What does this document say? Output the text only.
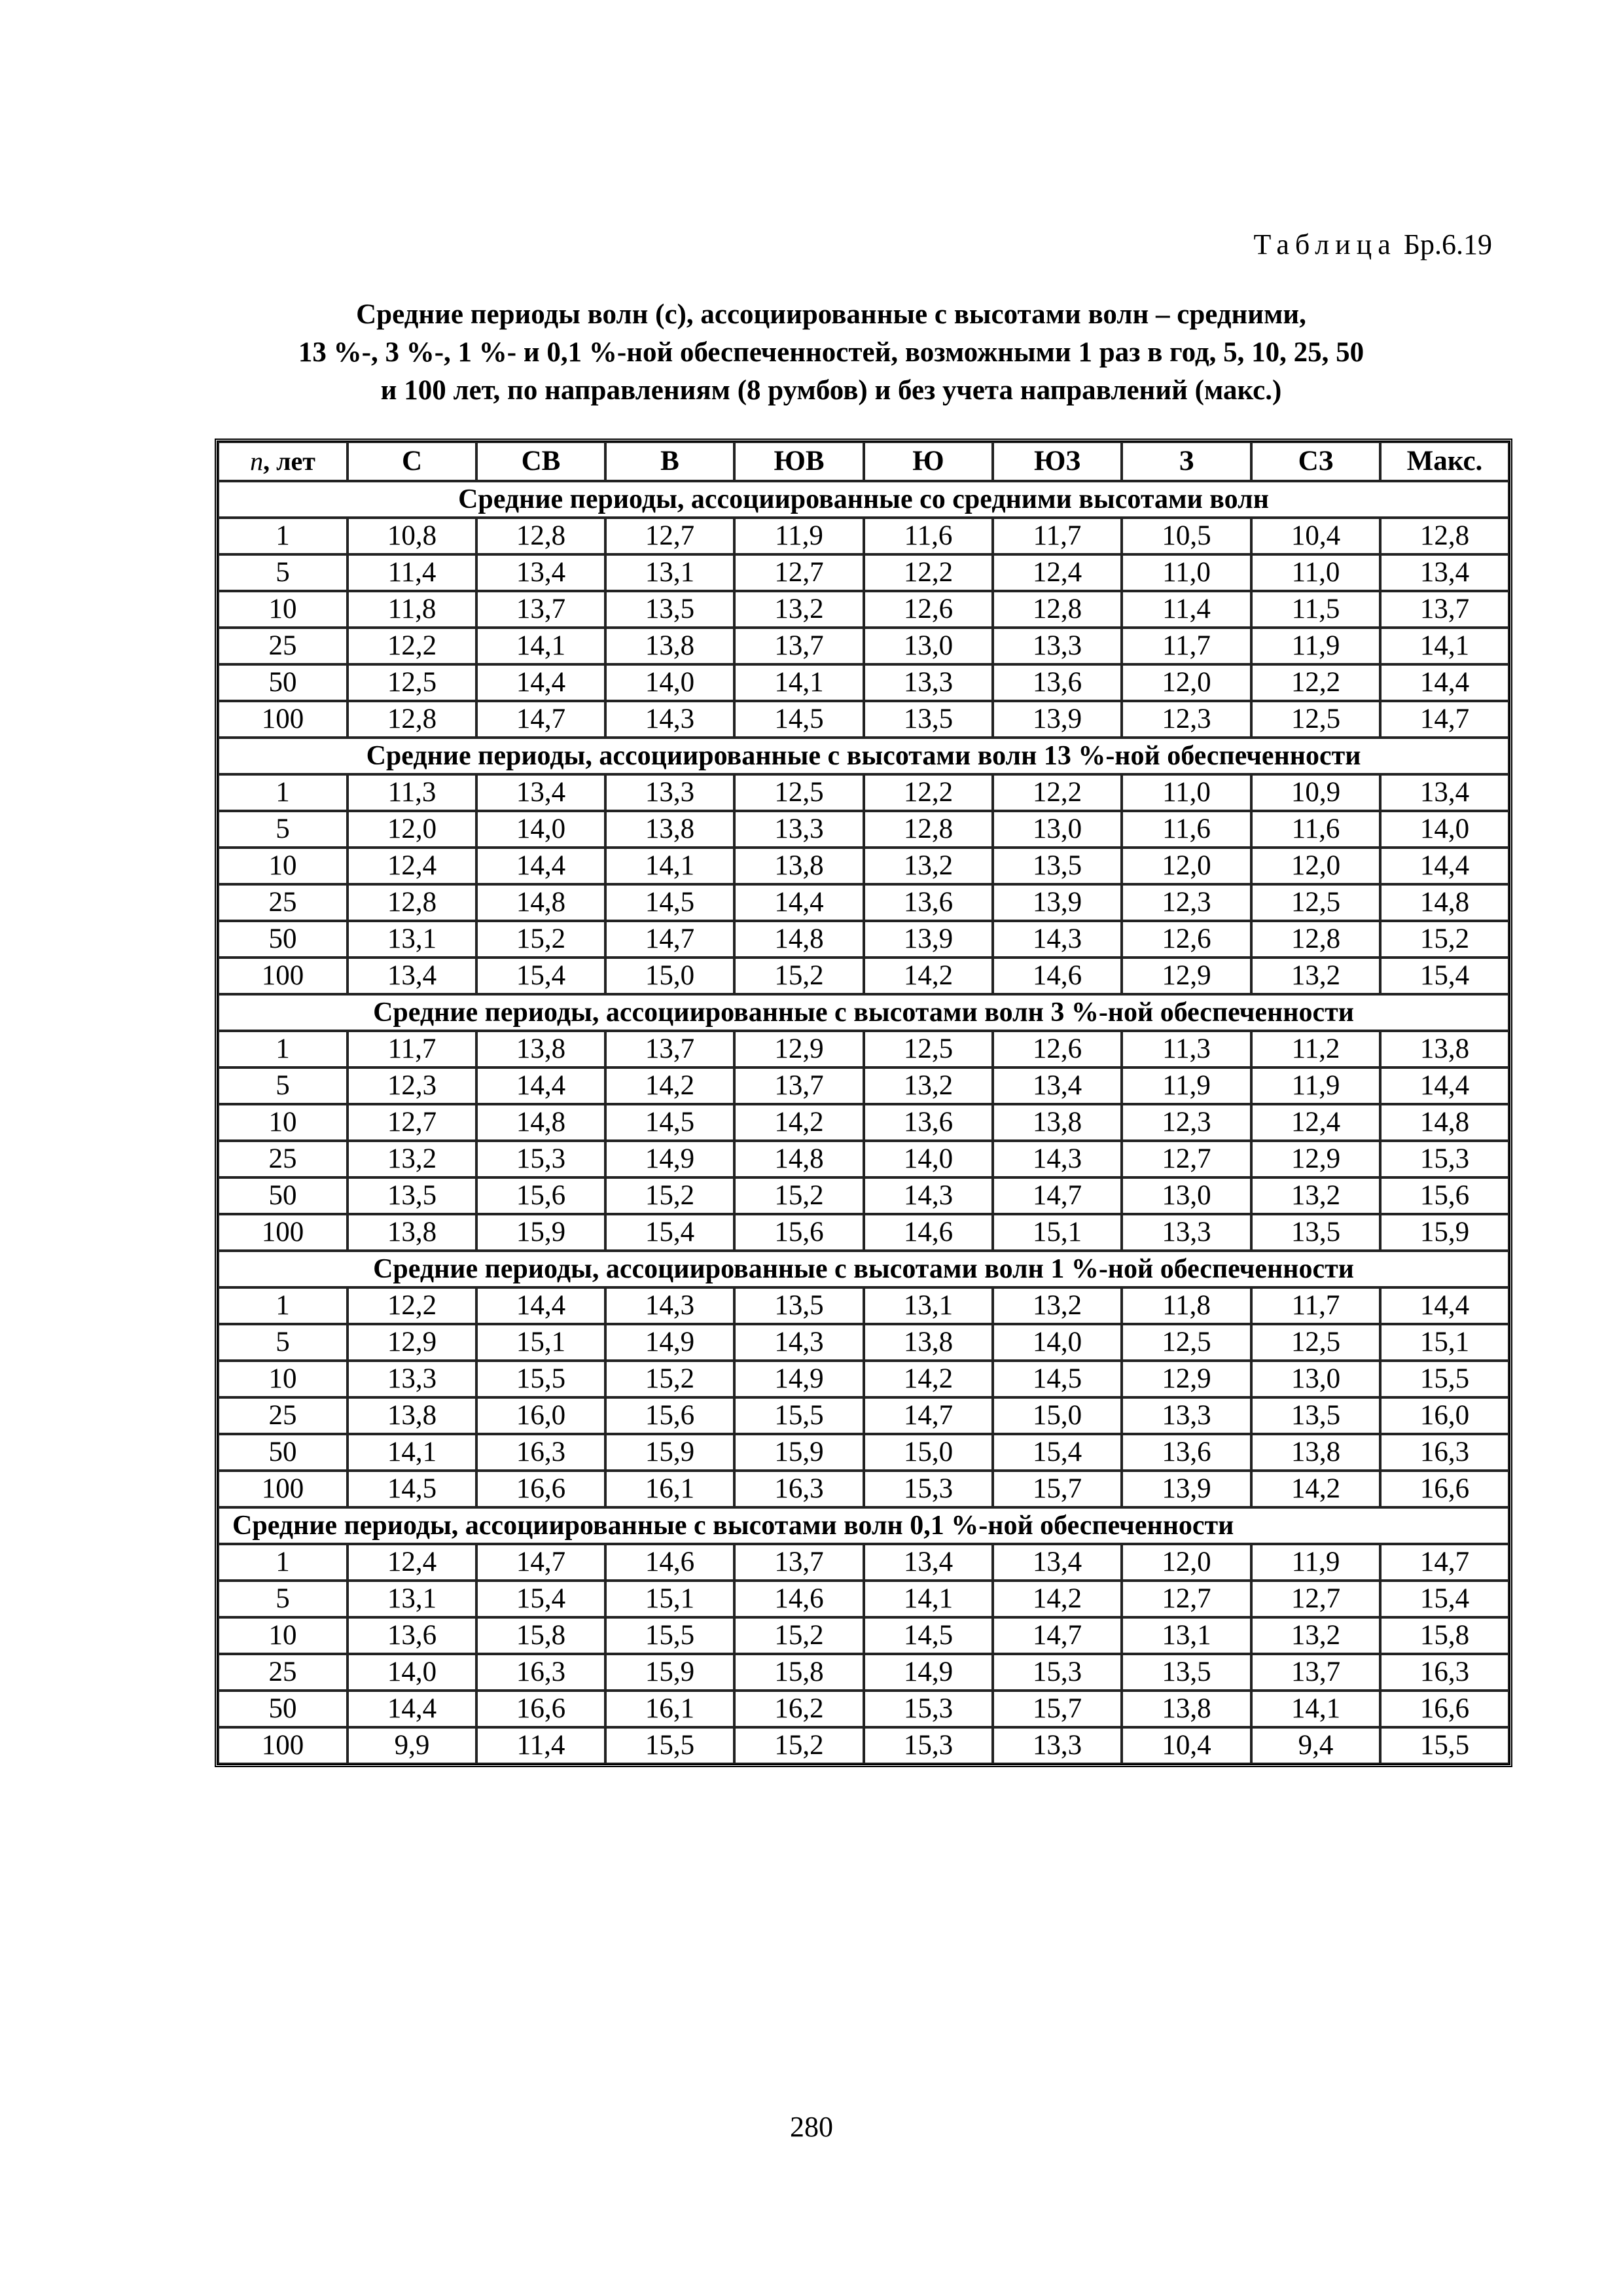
Таблица Бр.6.19
Средние периоды волн (с), ассоциированные с высотами волн – средними,
13 %-, 3 %-, 1 %- и 0,1 %-ной обеспеченностей, возможными 1 раз в год, 5, 10, 25, 50
и 100 лет, по направлениям (8 румбов) и без учета направлений (макс.)
n, лет	С	СВ	В	ЮВ	Ю	ЮЗ	З	СЗ	Макс.
Средние периоды, ассоциированные со средними высотами волн									
1	10,8	12,8	12,7	11,9	11,6	11,7	10,5	10,4	12,8
5	11,4	13,4	13,1	12,7	12,2	12,4	11,0	11,0	13,4
10	11,8	13,7	13,5	13,2	12,6	12,8	11,4	11,5	13,7
25	12,2	14,1	13,8	13,7	13,0	13,3	11,7	11,9	14,1
50	12,5	14,4	14,0	14,1	13,3	13,6	12,0	12,2	14,4
100	12,8	14,7	14,3	14,5	13,5	13,9	12,3	12,5	14,7
Средние периоды, ассоциированные с высотами волн 13 %-ной обеспеченности									
1	11,3	13,4	13,3	12,5	12,2	12,2	11,0	10,9	13,4
5	12,0	14,0	13,8	13,3	12,8	13,0	11,6	11,6	14,0
10	12,4	14,4	14,1	13,8	13,2	13,5	12,0	12,0	14,4
25	12,8	14,8	14,5	14,4	13,6	13,9	12,3	12,5	14,8
50	13,1	15,2	14,7	14,8	13,9	14,3	12,6	12,8	15,2
100	13,4	15,4	15,0	15,2	14,2	14,6	12,9	13,2	15,4
Средние периоды, ассоциированные с высотами волн 3 %-ной обеспеченности									
1	11,7	13,8	13,7	12,9	12,5	12,6	11,3	11,2	13,8
5	12,3	14,4	14,2	13,7	13,2	13,4	11,9	11,9	14,4
10	12,7	14,8	14,5	14,2	13,6	13,8	12,3	12,4	14,8
25	13,2	15,3	14,9	14,8	14,0	14,3	12,7	12,9	15,3
50	13,5	15,6	15,2	15,2	14,3	14,7	13,0	13,2	15,6
100	13,8	15,9	15,4	15,6	14,6	15,1	13,3	13,5	15,9
Средние периоды, ассоциированные с высотами волн 1 %-ной обеспеченности									
1	12,2	14,4	14,3	13,5	13,1	13,2	11,8	11,7	14,4
5	12,9	15,1	14,9	14,3	13,8	14,0	12,5	12,5	15,1
10	13,3	15,5	15,2	14,9	14,2	14,5	12,9	13,0	15,5
25	13,8	16,0	15,6	15,5	14,7	15,0	13,3	13,5	16,0
50	14,1	16,3	15,9	15,9	15,0	15,4	13,6	13,8	16,3
100	14,5	16,6	16,1	16,3	15,3	15,7	13,9	14,2	16,6
Средние периоды, ассоциированные с высотами волн 0,1 %-ной обеспеченности									
1	12,4	14,7	14,6	13,7	13,4	13,4	12,0	11,9	14,7
5	13,1	15,4	15,1	14,6	14,1	14,2	12,7	12,7	15,4
10	13,6	15,8	15,5	15,2	14,5	14,7	13,1	13,2	15,8
25	14,0	16,3	15,9	15,8	14,9	15,3	13,5	13,7	16,3
50	14,4	16,6	16,1	16,2	15,3	15,7	13,8	14,1	16,6
100	9,9	11,4	15,5	15,2	15,3	13,3	10,4	9,4	15,5
280
